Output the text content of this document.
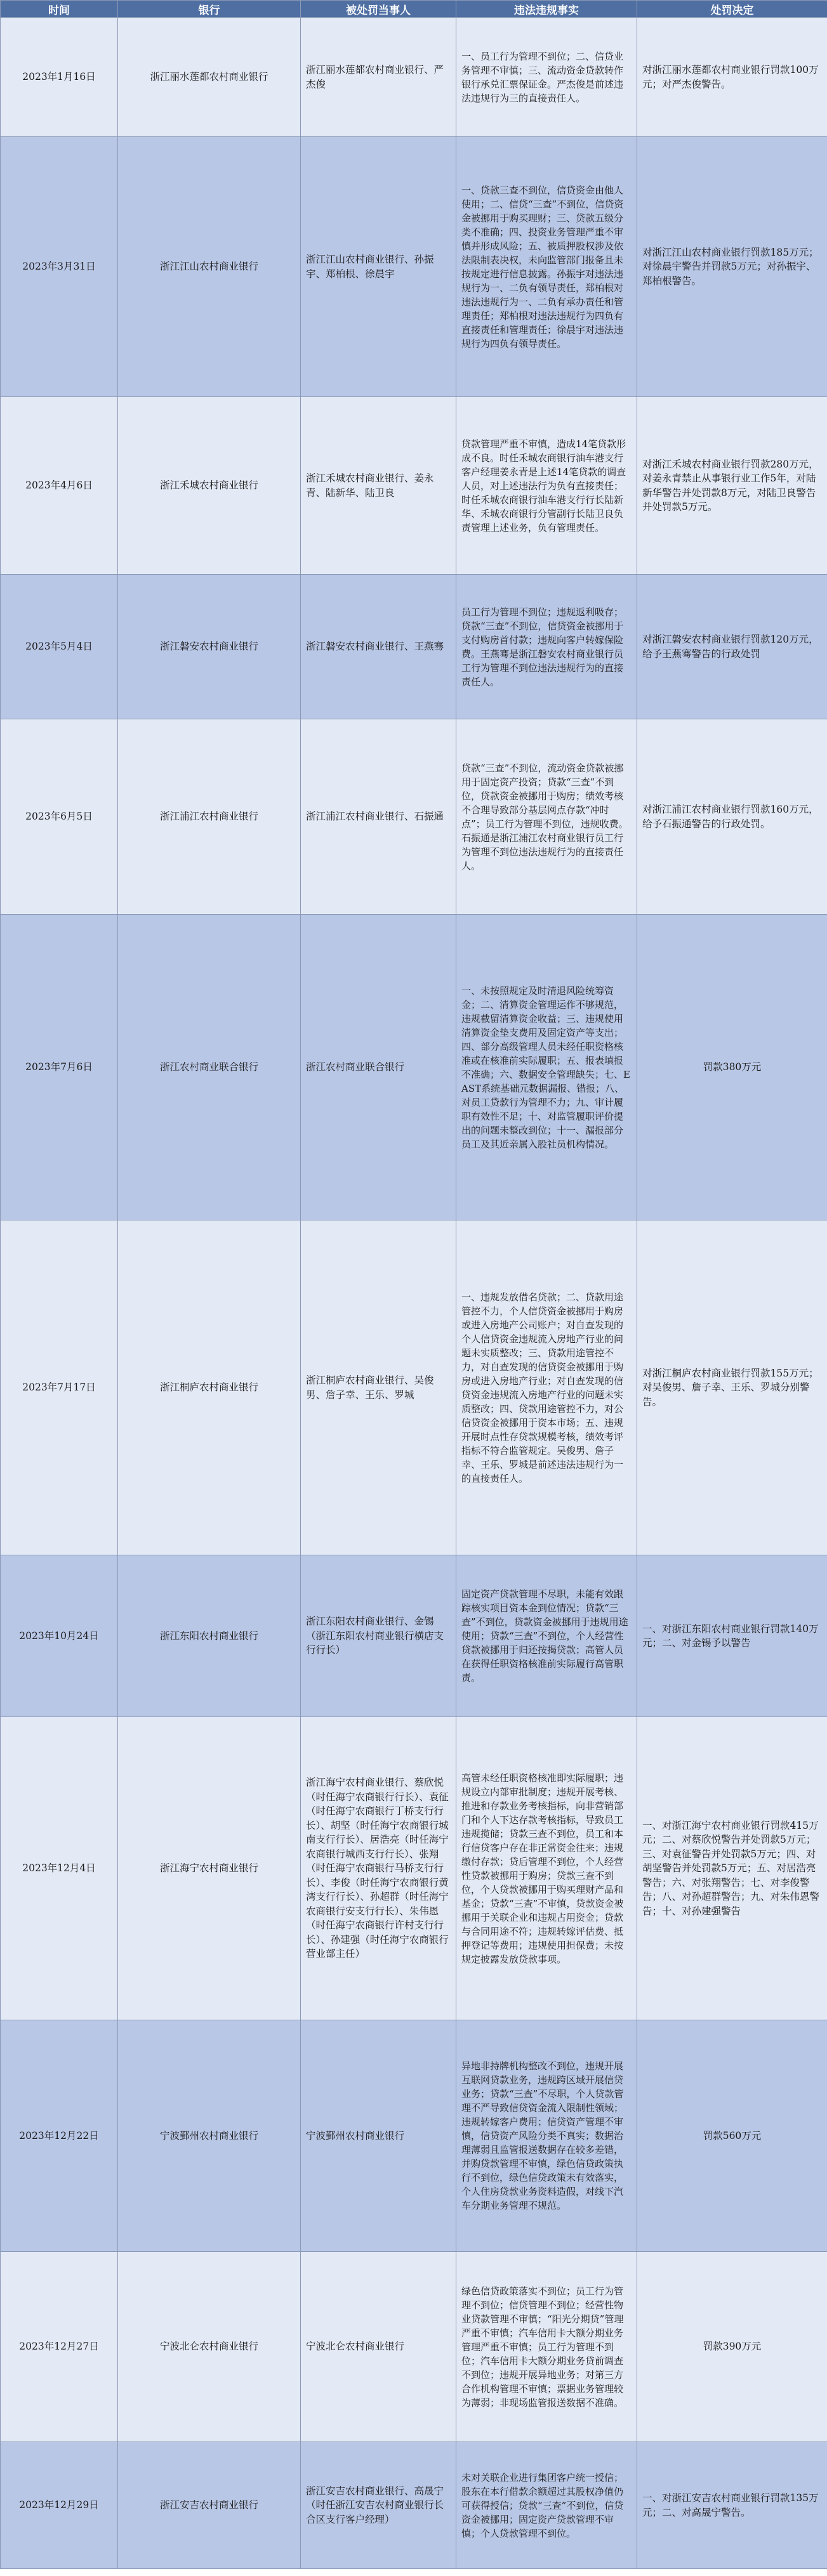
时间	银行	被处罚当事人	违法违规事实	处罚决定
2023年1月16日	浙江丽水莲都农村商业银行	浙江丽水莲都农村商业银行、严杰俊	一、员工行为管理不到位；二、信贷业务管理不审慎；三、流动资金贷款转作银行承兑汇票保证金。严杰俊是前述违法违规行为三的直接责任人。	对浙江丽水莲都农村商业银行罚款100万元；对严杰俊警告。
2023年3月31日	浙江江山农村商业银行	浙江江山农村商业银行、孙振宇、郑柏根、徐晨宇	一、贷款三查不到位，信贷资金由他人使用；二、信贷“三查”不到位，信贷资金被挪用于购买理财；三、贷款五级分类不准确；四、投资业务管理严重不审慎并形成风险；五、被质押股权涉及依法限制表决权，未向监管部门报备且未按规定进行信息披露。孙振宇对违法违规行为一、二负有领导责任，郑柏根对违法违规行为一、二负有承办责任和管理责任；郑柏根对违法违规行为四负有直接责任和管理责任；徐晨宇对违法违规行为四负有领导责任。	对浙江江山农村商业银行罚款185万元；对徐晨宇警告并罚款5万元；对孙振宇、郑柏根警告。
2023年4月6日	浙江禾城农村商业银行	浙江禾城农村商业银行、姜永青、陆新华、陆卫良	贷款管理严重不审慎，造成14笔贷款形成不良。时任禾城农商银行油车港支行客户经理姜永青是上述14笔贷款的调查人员，对上述违法行为负有直接责任；时任禾城农商银行油车港支行行长陆新华、禾城农商银行分管副行长陆卫良负责管理上述业务，负有管理责任。	对浙江禾城农村商业银行罚款280万元，对姜永青禁止从事银行业工作5年，对陆新华警告并处罚款8万元，对陆卫良警告并处罚款5万元。
2023年5月4日	浙江磐安农村商业银行	浙江磐安农村商业银行、王燕骞	员工行为管理不到位；违规返利吸存；贷款“三查”不到位，信贷资金被挪用于支付购房首付款；违规向客户转嫁保险费。王燕骞是浙江磐安农村商业银行员工行为管理不到位违法违规行为的直接责任人。	对浙江磐安农村商业银行罚款120万元，给予王燕骞警告的行政处罚
2023年6月5日	浙江浦江农村商业银行	浙江浦江农村商业银行、石振通	贷款“三查”不到位，流动资金贷款被挪用于固定资产投资；贷款“三查”不到位，贷款资金被挪用于购房；绩效考核不合理导致部分基层网点存款“冲时点”；员工行为管理不到位，违规收费。石振通是浙江浦江农村商业银行员工行为管理不到位违法违规行为的直接责任人。	对浙江浦江农村商业银行罚款160万元，给予石振通警告的行政处罚。
2023年7月6日	浙江农村商业联合银行	浙江农村商业联合银行	一、未按照规定及时清退风险统筹资金；二、清算资金管理运作不够规范，违规截留清算资金收益；三、违规使用清算资金垫支费用及固定资产等支出；四、部分高级管理人员未经任职资格核准或在核准前实际履职；五、报表填报不准确；六、数据安全管理缺失；七、EAST系统基础元数据漏报、错报；八、对员工贷款行为管理不力；九、审计履职有效性不足；十、对监管履职评价提出的问题未整改到位；十一、漏报部分员工及其近亲属入股社员机构情况。	罚款380万元
2023年7月17日	浙江桐庐农村商业银行	浙江桐庐农村商业银行、吴俊男、詹子幸、王乐、罗城	一、违规发放借名贷款；二、贷款用途管控不力，个人信贷资金被挪用于购房或进入房地产公司账户；对自查发现的个人信贷资金违规流入房地产行业的问题未实质整改；三、贷款用途管控不力，对自查发现的信贷资金被挪用于购房或进入房地产行业；对自查发现的信贷资金违规流入房地产行业的问题未实质整改；四、贷款用途管控不力，对公信贷资金被挪用于资本市场；五、违规开展时点性存贷款规模考核，绩效考评指标不符合监管规定。吴俊男、詹子幸、王乐、罗城是前述违法违规行为一的直接责任人。	对浙江桐庐农村商业银行罚款155万元；对吴俊男、詹子幸、王乐、罗城分别警告。
2023年10月24日	浙江东阳农村商业银行	浙江东阳农村商业银行、金锡（浙江东阳农村商业银行横店支行行长）	固定资产贷款管理不尽职，未能有效跟踪核实项目资本金到位情况；贷款“三查”不到位，贷款资金被挪用于违规用途使用；贷款“三查”不到位，个人经营性贷款被挪用于归还按揭贷款；高管人员在获得任职资格核准前实际履行高管职责。	一、对浙江东阳农村商业银行罚款140万元；二、对金锡予以警告
2023年12月4日	浙江海宁农村商业银行	浙江海宁农村商业银行、蔡欣悦（时任海宁农商银行行长）、袁征（时任海宁农商银行丁桥支行行长）、胡坚（时任海宁农商银行城南支行行长）、居浩亮（时任海宁农商银行城西支行行长）、张翔（时任海宁农商银行马桥支行行长）、李俊（时任海宁农商银行黄湾支行行长）、孙超群（时任海宁农商银行安支行行长）、朱伟恩（时任海宁农商银行许村支行行长）、孙建强（时任海宁农商银行营业部主任）	高管未经任职资格核准即实际履职；违规设立内部审批制度；违规开展考核、推进和存款业务考核指标，向非营销部门和个人下达存款考核指标，导致员工违规揽储；贷款三查不到位，员工和本行信贷客户存在非正常资金往来；违规缴付存款；贷后管理不到位，个人经营性贷款被挪用于购房；贷款三查不到位，个人贷款被挪用于购买理财产品和基金；贷款“三查”不审慎，贷款资金被挪用于关联企业和违规占用资金；贷款与合同用途不符；违规转嫁评估费、抵押登记等费用；违规使用担保费；未按规定披露发放贷款事项。	一、对浙江海宁农村商业银行罚款415万元；二、对蔡欣悦警告并处罚款5万元；三、对袁征警告并处罚款5万元；四、对胡坚警告并处罚款5万元；五、对居浩亮警告；六、对张翔警告；七、对李俊警告；八、对孙超群警告；九、对朱伟恩警告；十、对孙建强警告
2023年12月22日	宁波鄞州农村商业银行	宁波鄞州农村商业银行	异地非持牌机构整改不到位，违规开展互联网贷款业务，违规跨区域开展信贷业务；贷款“三查”不尽职，个人贷款管理不严导致信贷资金流入限制性领域；违规转嫁客户费用；信贷资产管理不审慎，信贷资产风险分类不真实；数据治理薄弱且监管报送数据存在较多差错，并购贷款管理不审慎，绿色信贷政策执行不到位，绿色信贷政策未有效落实，个人住房贷款业务资料造假，对线下汽车分期业务管理不规范。	罚款560万元
2023年12月27日	宁波北仑农村商业银行	宁波北仑农村商业银行	绿色信贷政策落实不到位；员工行为管理不到位；信贷管理不到位；经营性物业贷款管理不审慎；“阳光分期贷”管理严重不审慎；汽车信用卡大额分期业务管理严重不审慎；员工行为管理不到位；汽车信用卡大额分期业务贷前调查不到位；违规开展异地业务；对第三方合作机构管理不审慎；票据业务管理较为薄弱；非现场监管报送数据不准确。	罚款390万元
2023年12月29日	浙江安吉农村商业银行	浙江安吉农村商业银行、高晟宁（时任浙江安吉农村商业银行长合区支行客户经理）	未对关联企业进行集团客户统一授信；股东在本行借款余额超过其股权净值仍可获得授信；贷款“三查”不到位，信贷资金被挪用；固定资产贷款管理不审慎；个人贷款管理不到位。	一、对浙江安吉农村商业银行罚款135万元；二、对高晟宁警告。
